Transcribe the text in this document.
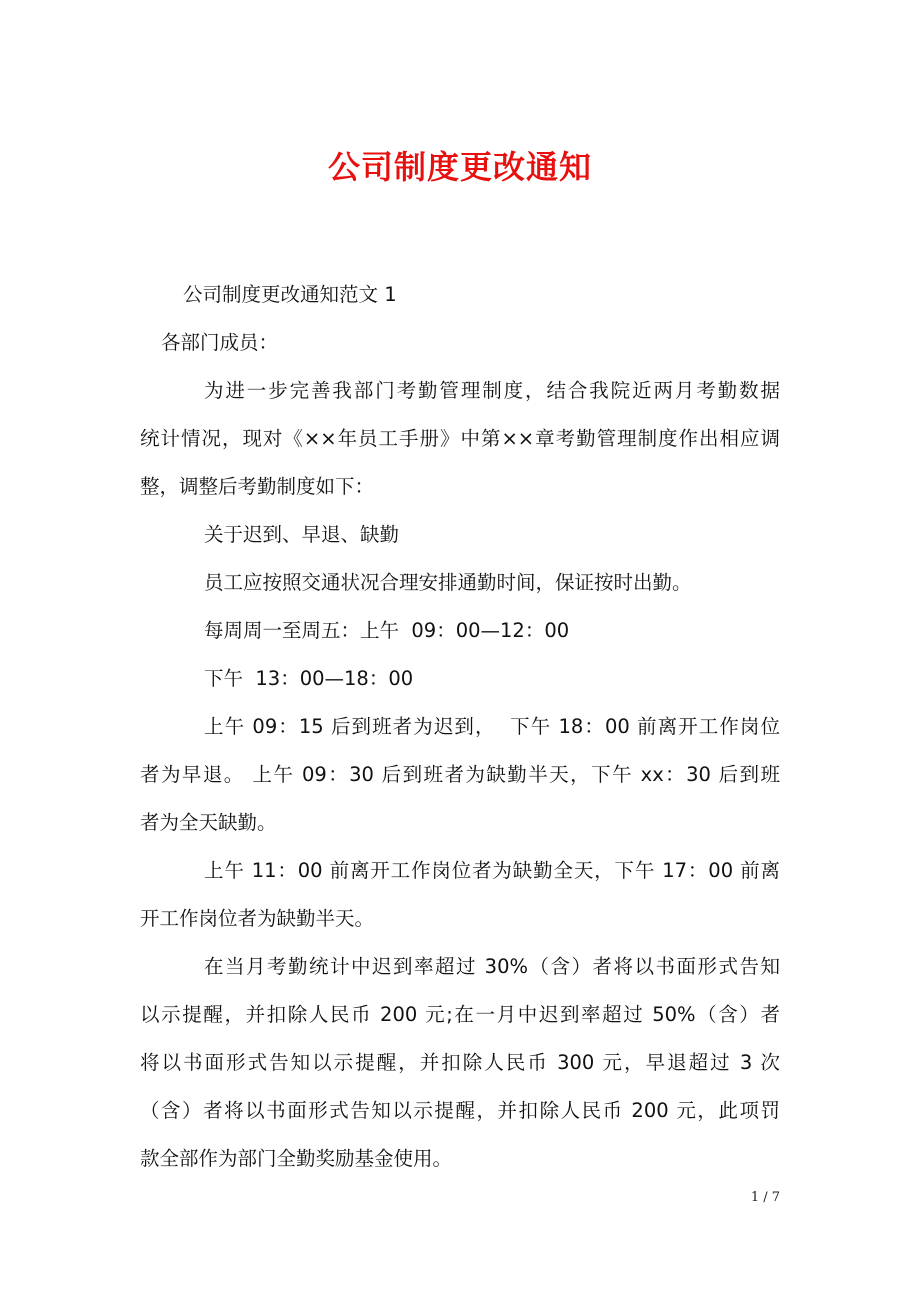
公司制度更改通知
公司制度更改通知范文 1
各部门成员：
为进一步完善我部门考勤管理制度，结合我院近两月考勤数据
统计情况，现对《××年员工手册》中第××章考勤管理制度作出相应调
整，调整后考勤制度如下：
关于迟到、早退、缺勤
员工应按照交通状况合理安排通勤时间，保证按时出勤。
每周周一至周五：上午  09：00—12：00
下午  13：00—18：00
上午 09：15 后到班者为迟到，  下午 18：00 前离开工作岗位
者为早退。 上午 09：30 后到班者为缺勤半天，下午 xx：30 后到班
者为全天缺勤。
上午 11：00 前离开工作岗位者为缺勤全天，下午 17：00 前离
开工作岗位者为缺勤半天。
在当月考勤统计中迟到率超过 30%（含）者将以书面形式告知
以示提醒，并扣除人民币 200 元;在一月中迟到率超过 50%（含）者
将以书面形式告知以示提醒，并扣除人民币 300 元，早退超过 3 次
（含）者将以书面形式告知以示提醒，并扣除人民币 200 元，此项罚
款全部作为部门全勤奖励基金使用。
1 / 7
